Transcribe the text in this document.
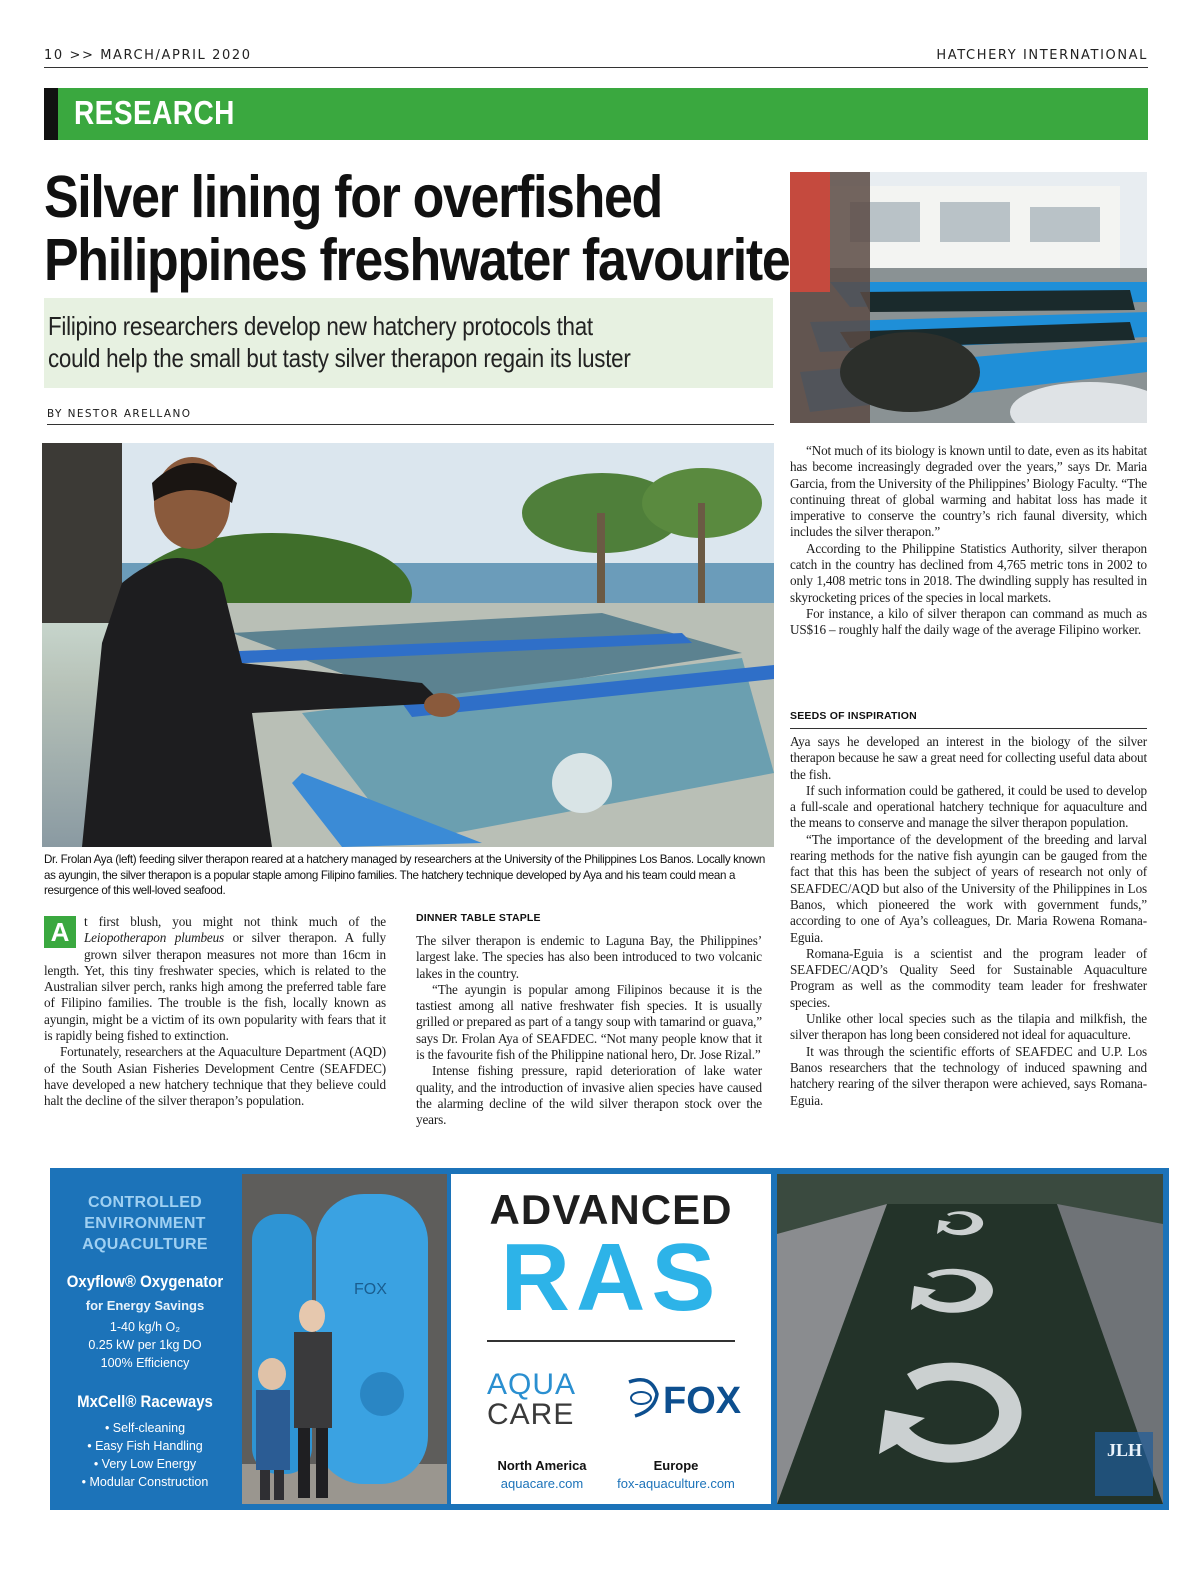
10 >> MARCH/APRIL 2020	HATCHERY INTERNATIONAL
RESEARCH
Silver lining for overfished
Philippines freshwater favourite
Filipino researchers develop new hatchery protocols that
could help the small but tasty silver therapon regain its luster
BY NESTOR ARELLANO
Dr. Frolan Aya (left) feeding silver therapon reared at a hatchery managed by researchers at the University of the Philippines Los Banos. Locally known as ayungin, the silver therapon is a popular staple among Filipino families. The hatchery technique developed by Aya and his team could mean a resurgence of this well-loved seafood.
A	t first blush, you might not think much of the Leiopotherapon plumbeus or silver therapon. A fully grown silver therapon measures not more than 16cm in length. Yet, this tiny freshwater species, which is related to the Australian silver perch, ranks high among the preferred table fare of Filipino families. The trouble is the fish, locally known as ayungin, might be a victim of its own popularity with fears that it is rapidly being fished to extinction.

Fortunately, researchers at the Aquaculture Department (AQD) of the South Asian Fisheries Development Centre (SEAFDEC) have developed a new hatchery technique that they believe could halt the decline of the silver therapon’s population.

DINNER TABLE STAPLE

The silver therapon is endemic to Laguna Bay, the Philippines’ largest lake. The species has also been introduced to two volcanic lakes in the country.

“The ayungin is popular among Filipinos because it is the tastiest among all native freshwater fish species. It is usually grilled or prepared as part of a tangy soup with tamarind or guava,” says Dr. Frolan Aya of SEAFDEC. “Not many people know that it is the favourite fish of the Philippine national hero, Dr. Jose Rizal.”

Intense fishing pressure, rapid deterioration of lake water quality, and the introduction of invasive alien species have caused the alarming decline of the wild silver therapon stock over the years.

“Not much of its biology is known until to date, even as its habitat has become increasingly degraded over the years,” says Dr. Maria Garcia, from the University of the Philippines’ Biology Faculty. “The continuing threat of global warming and habitat loss has made it imperative to conserve the country’s rich faunal diversity, which includes the silver therapon.”

According to the Philippine Statistics Authority, silver therapon catch in the country has declined from 4,765 metric tons in 2002 to only 1,408 metric tons in 2018. The dwindling supply has resulted in skyrocketing prices of the species in local markets.

For instance, a kilo of silver therapon can command as much as US$16 – roughly half the daily wage of the average Filipino worker.

SEEDS OF INSPIRATION

Aya says he developed an interest in the biology of the silver therapon because he saw a great need for collecting useful data about the fish.

If such information could be gathered, it could be used to develop a full-scale and operational hatchery technique for aquaculture and the means to conserve and manage the silver therapon population.

“The importance of the development of the breeding and larval rearing methods for the native fish ayungin can be gauged from the fact that this has been the subject of years of research not only of SEAFDEC/AQD but also of the University of the Philippines in Los Banos, which pioneered the work with government funds,” according to one of Aya’s colleagues, Dr. Maria Rowena Romana-Eguia.

Romana-Eguia is a scientist and the program leader of SEAFDEC/AQD’s Quality Seed for Sustainable Aquaculture Program as well as the commodity team leader for freshwater species.

Unlike other local species such as the tilapia and milkfish, the silver therapon has long been considered not ideal for aquaculture.

It was through the scientific efforts of SEAFDEC and U.P. Los Banos researchers that the technology of induced spawning and hatchery rearing of the silver therapon were achieved, says Romana-Eguia.

CONTROLLED ENVIRONMENT AQUACULTURE
Oxyflow® Oxygenator
for Energy Savings
1-40 kg/h O₂
0.25 kW per 1kg DO
100% Efficiency
MxCell® Raceways
• Self-cleaning
• Easy Fish Handling
• Very Low Energy
• Modular Construction
FOX
ADVANCED
RAS
AQUA
CARE FOX
North America
aquacare.com
Europe
fox-aquaculture.com
JLH
